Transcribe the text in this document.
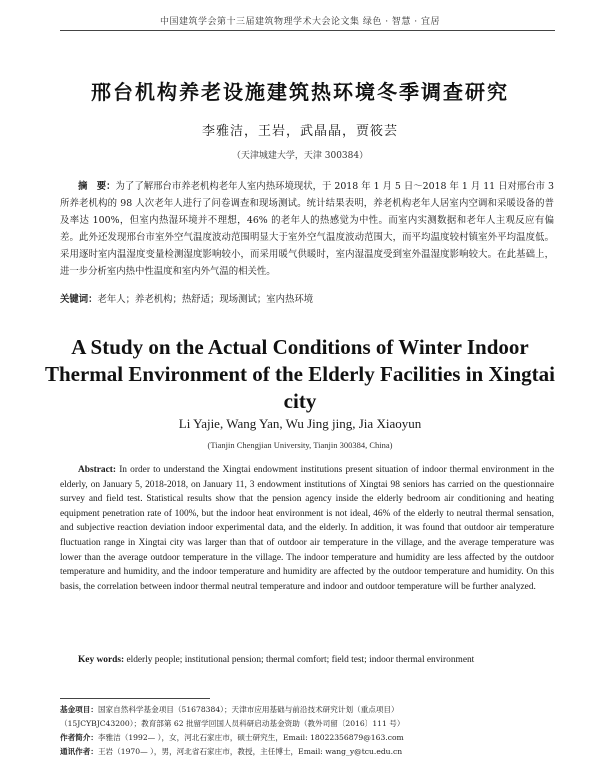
中国建筑学会第十三届建筑物理学术大会论文集 绿色 · 智慧 · 宜居
邢台机构养老设施建筑热环境冬季调查研究
李雅洁，王岩，武晶晶，贾筱芸
（天津城建大学，天津 300384）
摘　要：为了了解邢台市养老机构老年人室内热环境现状，于 2018 年 1 月 5 日～2018 年 1 月 11 日对邢台市 3 所养老机构的 98 人次老年人进行了问卷调查和现场测试。统计结果表明，养老机构老年人居室内空调和采暖设备的普及率达 100%，但室内热湿环境并不理想，46% 的老年人的热感觉为中性。而室内实测数据和老年人主观反应有偏差。此外还发现邢台市室外空气温度波动范围明显大于室外空气温度波动范围大，而平均温度较村镇室外平均温度低。采用逐时室内温湿度变量检测湿度影响较小，而采用暖气供暖时，室内湿温度受到室外温湿度影响较大。在此基础上，进一步分析室内热中性温度和室内外气温的相关性。
关键词：老年人；养老机构；热舒适；现场测试；室内热环境
A Study on the Actual Conditions of Winter Indoor Thermal Environment of the Elderly Facilities in Xingtai city
Li Yajie, Wang Yan, Wu Jing jing, Jia Xiaoyun
(Tianjin Chengjian University, Tianjin 300384, China)
Abstract: In order to understand the Xingtai endowment institutions present situation of indoor thermal environment in the elderly, on January 5, 2018-2018, on January 11, 3 endowment institutions of Xingtai 98 seniors has carried on the questionnaire survey and field test. Statistical results show that the pension agency inside the elderly bedroom air conditioning and heating equipment penetration rate of 100%, but the indoor heat environment is not ideal, 46% of the elderly to neutral thermal sensation, and subjective reaction deviation indoor experimental data, and the elderly. In addition, it was found that outdoor air temperature fluctuation range in Xingtai city was larger than that of outdoor air temperature in the village, and the average temperature was lower than the average outdoor temperature in the village. The indoor temperature and humidity are less affected by the outdoor temperature and humidity, and the indoor temperature and humidity are affected by the outdoor temperature and humidity. On this basis, the correlation between indoor thermal neutral temperature and indoor and outdoor temperature will be further analyzed.
Key words: elderly people; institutional pension; thermal comfort; field test; indoor thermal environment
基金项目：国家自然科学基金项目（51678384）；天津市应用基础与前沿技术研究计划（重点项目）
（15JCYBJC43200）；教育部第 62 批留学回国人员科研启动基金资助（教外司留〔2016〕111 号）
作者简介：李雅洁（1992— ），女，河北石家庄市，硕士研究生，Email: 18022356879@163.com
通讯作者：王岩（1970— ），男，河北省石家庄市，教授，主任博士，Email: wang_y@tcu.edu.cn
